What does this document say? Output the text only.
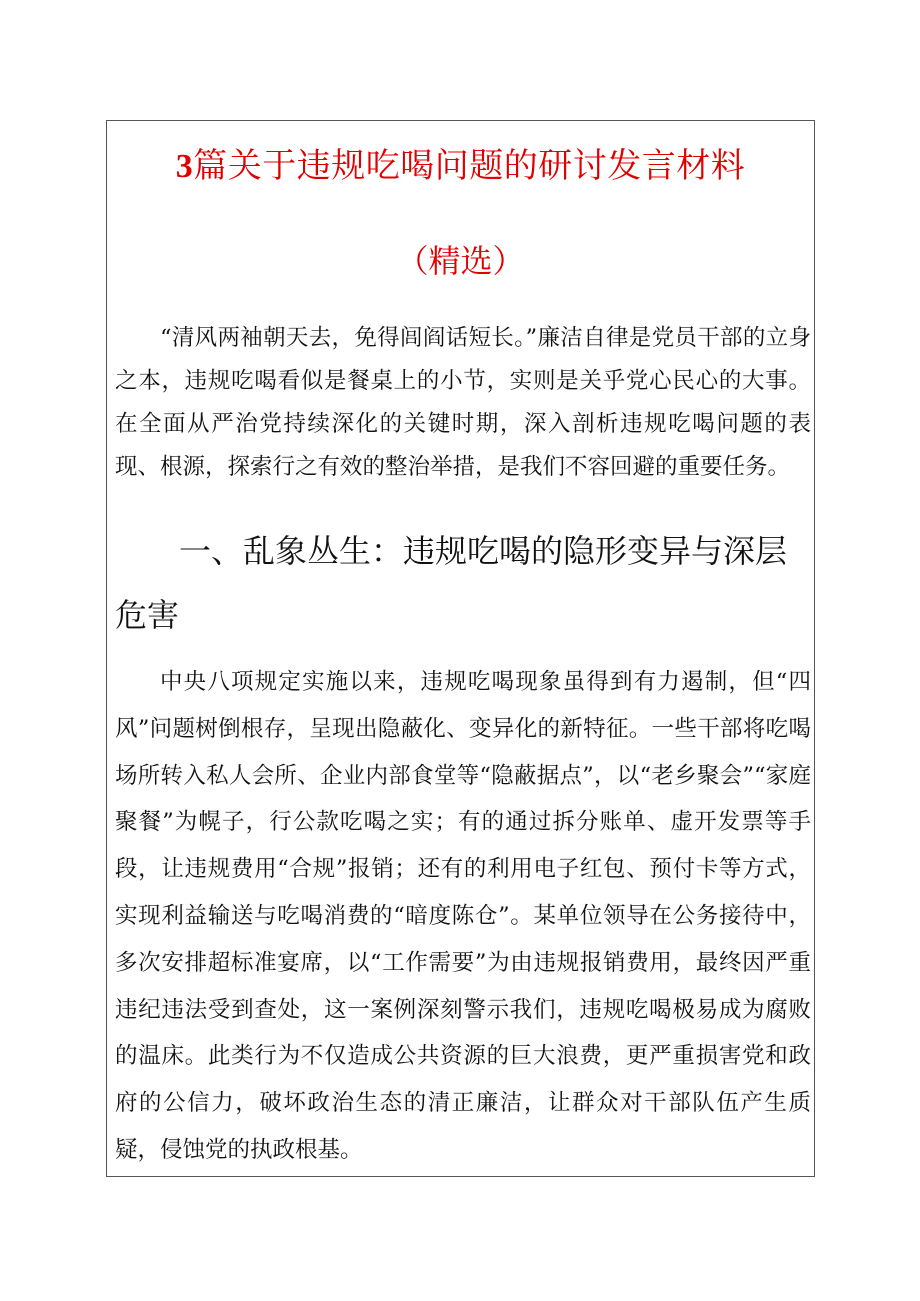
3篇关于违规吃喝问题的研讨发言材料
（精选）

“清风两袖朝天去，免得闾阎话短长。”廉洁自律是党员干部的立身之本，违规吃喝看似是餐桌上的小节，实则是关乎党心民心的大事。在全面从严治党持续深化的关键时期，深入剖析违规吃喝问题的表现、根源，探索行之有效的整治举措，是我们不容回避的重要任务。

一、乱象丛生：违规吃喝的隐形变异与深层危害

中央八项规定实施以来，违规吃喝现象虽得到有力遏制，但“四风”问题树倒根存，呈现出隐蔽化、变异化的新特征。一些干部将吃喝场所转入私人会所、企业内部食堂等“隐蔽据点”，以“老乡聚会”“家庭聚餐”为幌子，行公款吃喝之实；有的通过拆分账单、虚开发票等手段，让违规费用“合规”报销；还有的利用电子红包、预付卡等方式，实现利益输送与吃喝消费的“暗度陈仓”。某单位领导在公务接待中，多次安排超标准宴席，以“工作需要”为由违规报销费用，最终因严重违纪违法受到查处，这一案例深刻警示我们，违规吃喝极易成为腐败的温床。此类行为不仅造成公共资源的巨大浪费，更严重损害党和政府的公信力，破坏政治生态的清正廉洁，让群众对干部队伍产生质疑，侵蚀党的执政根基。
